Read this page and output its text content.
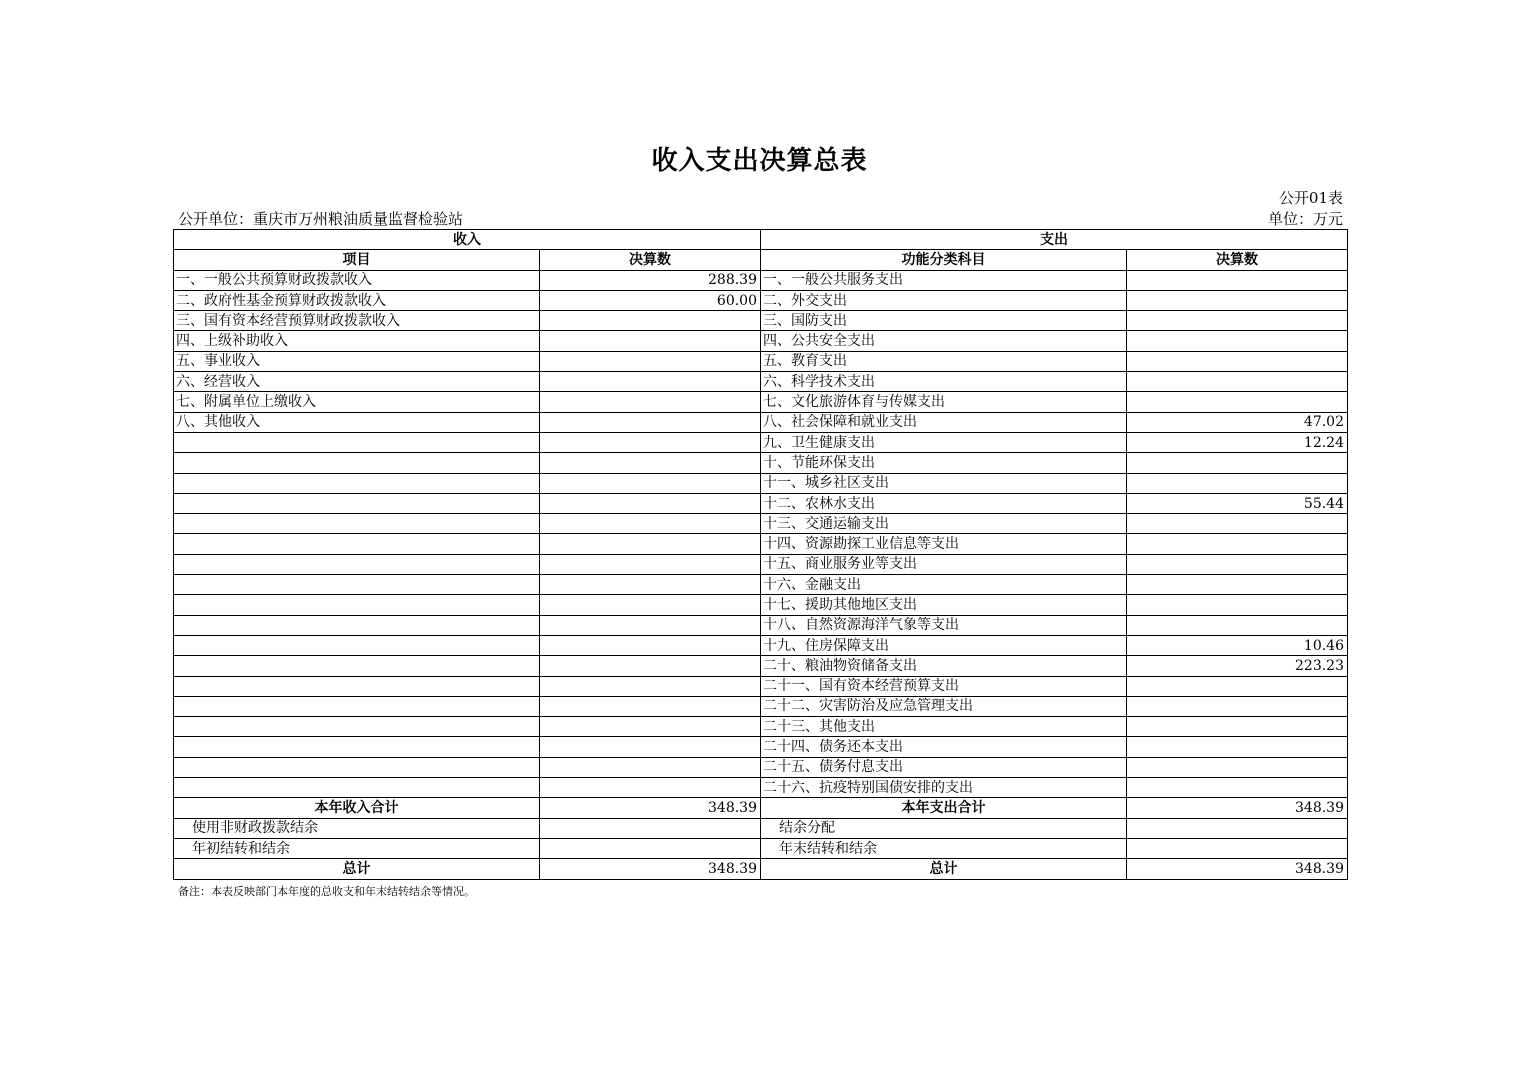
收入支出决算总表
公开01表
公开单位：重庆市万州粮油质量监督检验站	单位：万元
收入		支出	
项目	决算数	功能分类科目	决算数
一、一般公共预算财政拨款收入	288.39	一、一般公共服务支出	
二、政府性基金预算财政拨款收入	60.00	二、外交支出	
三、国有资本经营预算财政拨款收入		三、国防支出	
四、上级补助收入		四、公共安全支出	
五、事业收入		五、教育支出	
六、经营收入		六、科学技术支出	
七、附属单位上缴收入		七、文化旅游体育与传媒支出	
八、其他收入		八、社会保障和就业支出	47.02
		九、卫生健康支出	12.24
		十、节能环保支出	
		十一、城乡社区支出	
		十二、农林水支出	55.44
		十三、交通运输支出	
		十四、资源勘探工业信息等支出	
		十五、商业服务业等支出	
		十六、金融支出	
		十七、援助其他地区支出	
		十八、自然资源海洋气象等支出	
		十九、住房保障支出	10.46
		二十、粮油物资储备支出	223.23
		二十一、国有资本经营预算支出	
		二十二、灾害防治及应急管理支出	
		二十三、其他支出	
		二十四、债务还本支出	
		二十五、债务付息支出	
		二十六、抗疫特别国债安排的支出	
本年收入合计	348.39	本年支出合计	348.39
使用非财政拨款结余		结余分配	
年初结转和结余		年末结转和结余	
总计	348.39	总计	348.39
备注：本表反映部门本年度的总收支和年末结转结余等情况。
